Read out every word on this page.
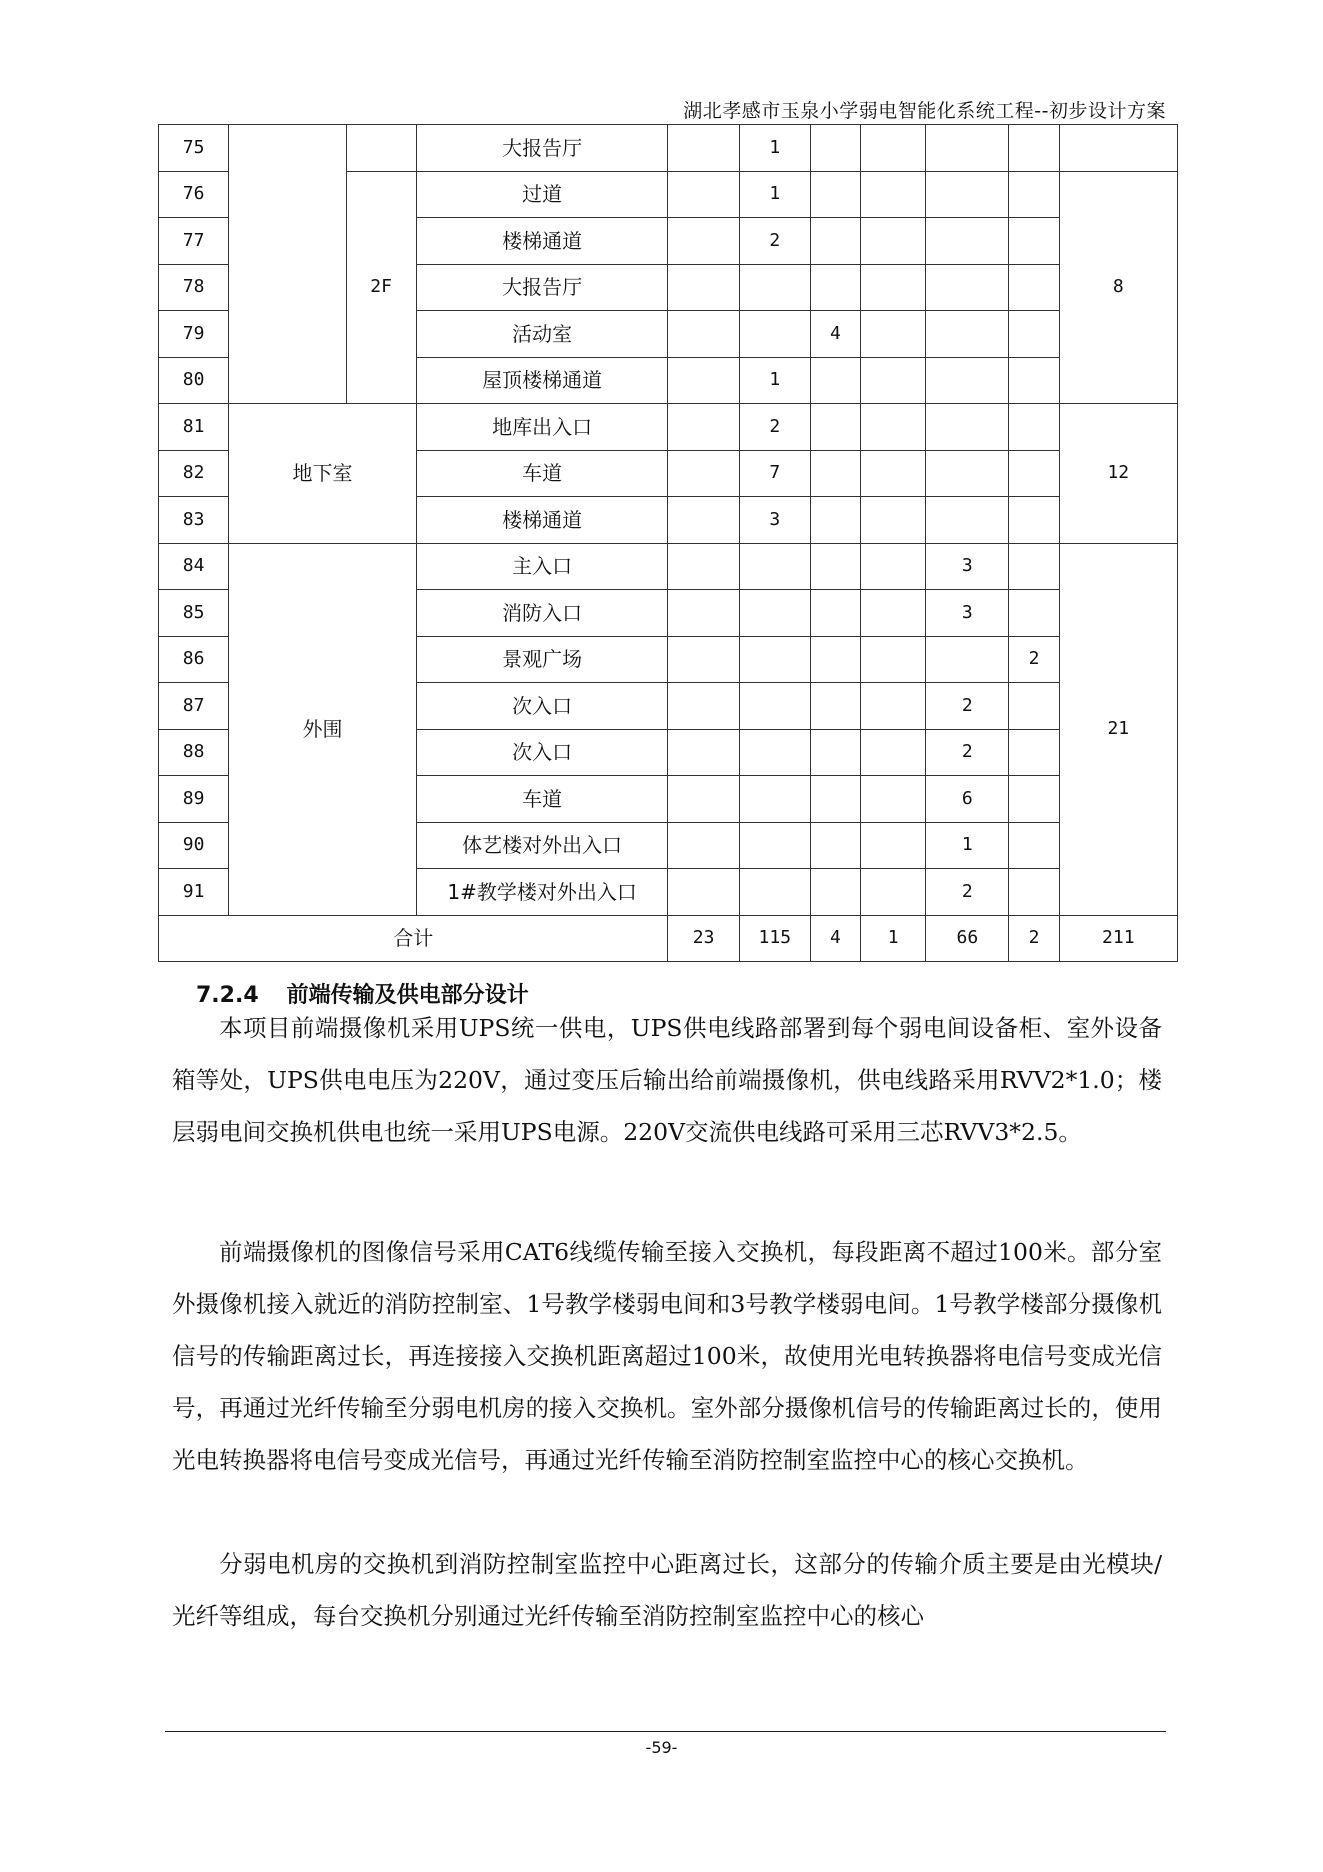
湖北孝感市玉泉小学弱电智能化系统工程--初步设计方案
75			大报告厅		1					
76		2F	过道		1					8
77			楼梯通道		2					
78			大报告厅							
79			活动室			4				
80			屋顶楼梯通道		1					
81	地下室		地库出入口		2					12
82			车道		7					
83			楼梯通道		3					
84	外围		主入口					3		21
85			消防入口					3		
86			景观广场						2	
87			次入口					2		
88			次入口					2		
89			车道					6		
90			体艺楼对外出入口					1		
91			1#教学楼对外出入口					2		
合计				23	115	4	1	66	2	211
7.2.4 前端传输及供电部分设计
本项目前端摄像机采用UPS统一供电，UPS供电线路部署到每个弱电间设备柜、室外设备箱等处，UPS供电电压为220V，通过变压后输出给前端摄像机，供电线路采用RVV2*1.0；楼层弱电间交换机供电也统一采用UPS电源。220V交流供电线路可采用三芯RVV3*2.5。
前端摄像机的图像信号采用CAT6线缆传输至接入交换机，每段距离不超过100米。部分室外摄像机接入就近的消防控制室、1号教学楼弱电间和3号教学楼弱电间。1号教学楼部分摄像机信号的传输距离过长，再连接接入交换机距离超过100米，故使用光电转换器将电信号变成光信号，再通过光纤传输至分弱电机房的接入交换机。室外部分摄像机信号的传输距离过长的，使用光电转换器将电信号变成光信号，再通过光纤传输至消防控制室监控中心的核心交换机。
分弱电机房的交换机到消防控制室监控中心距离过长，这部分的传输介质主要是由光模块/光纤等组成，每台交换机分别通过光纤传输至消防控制室监控中心的核心
-59-
